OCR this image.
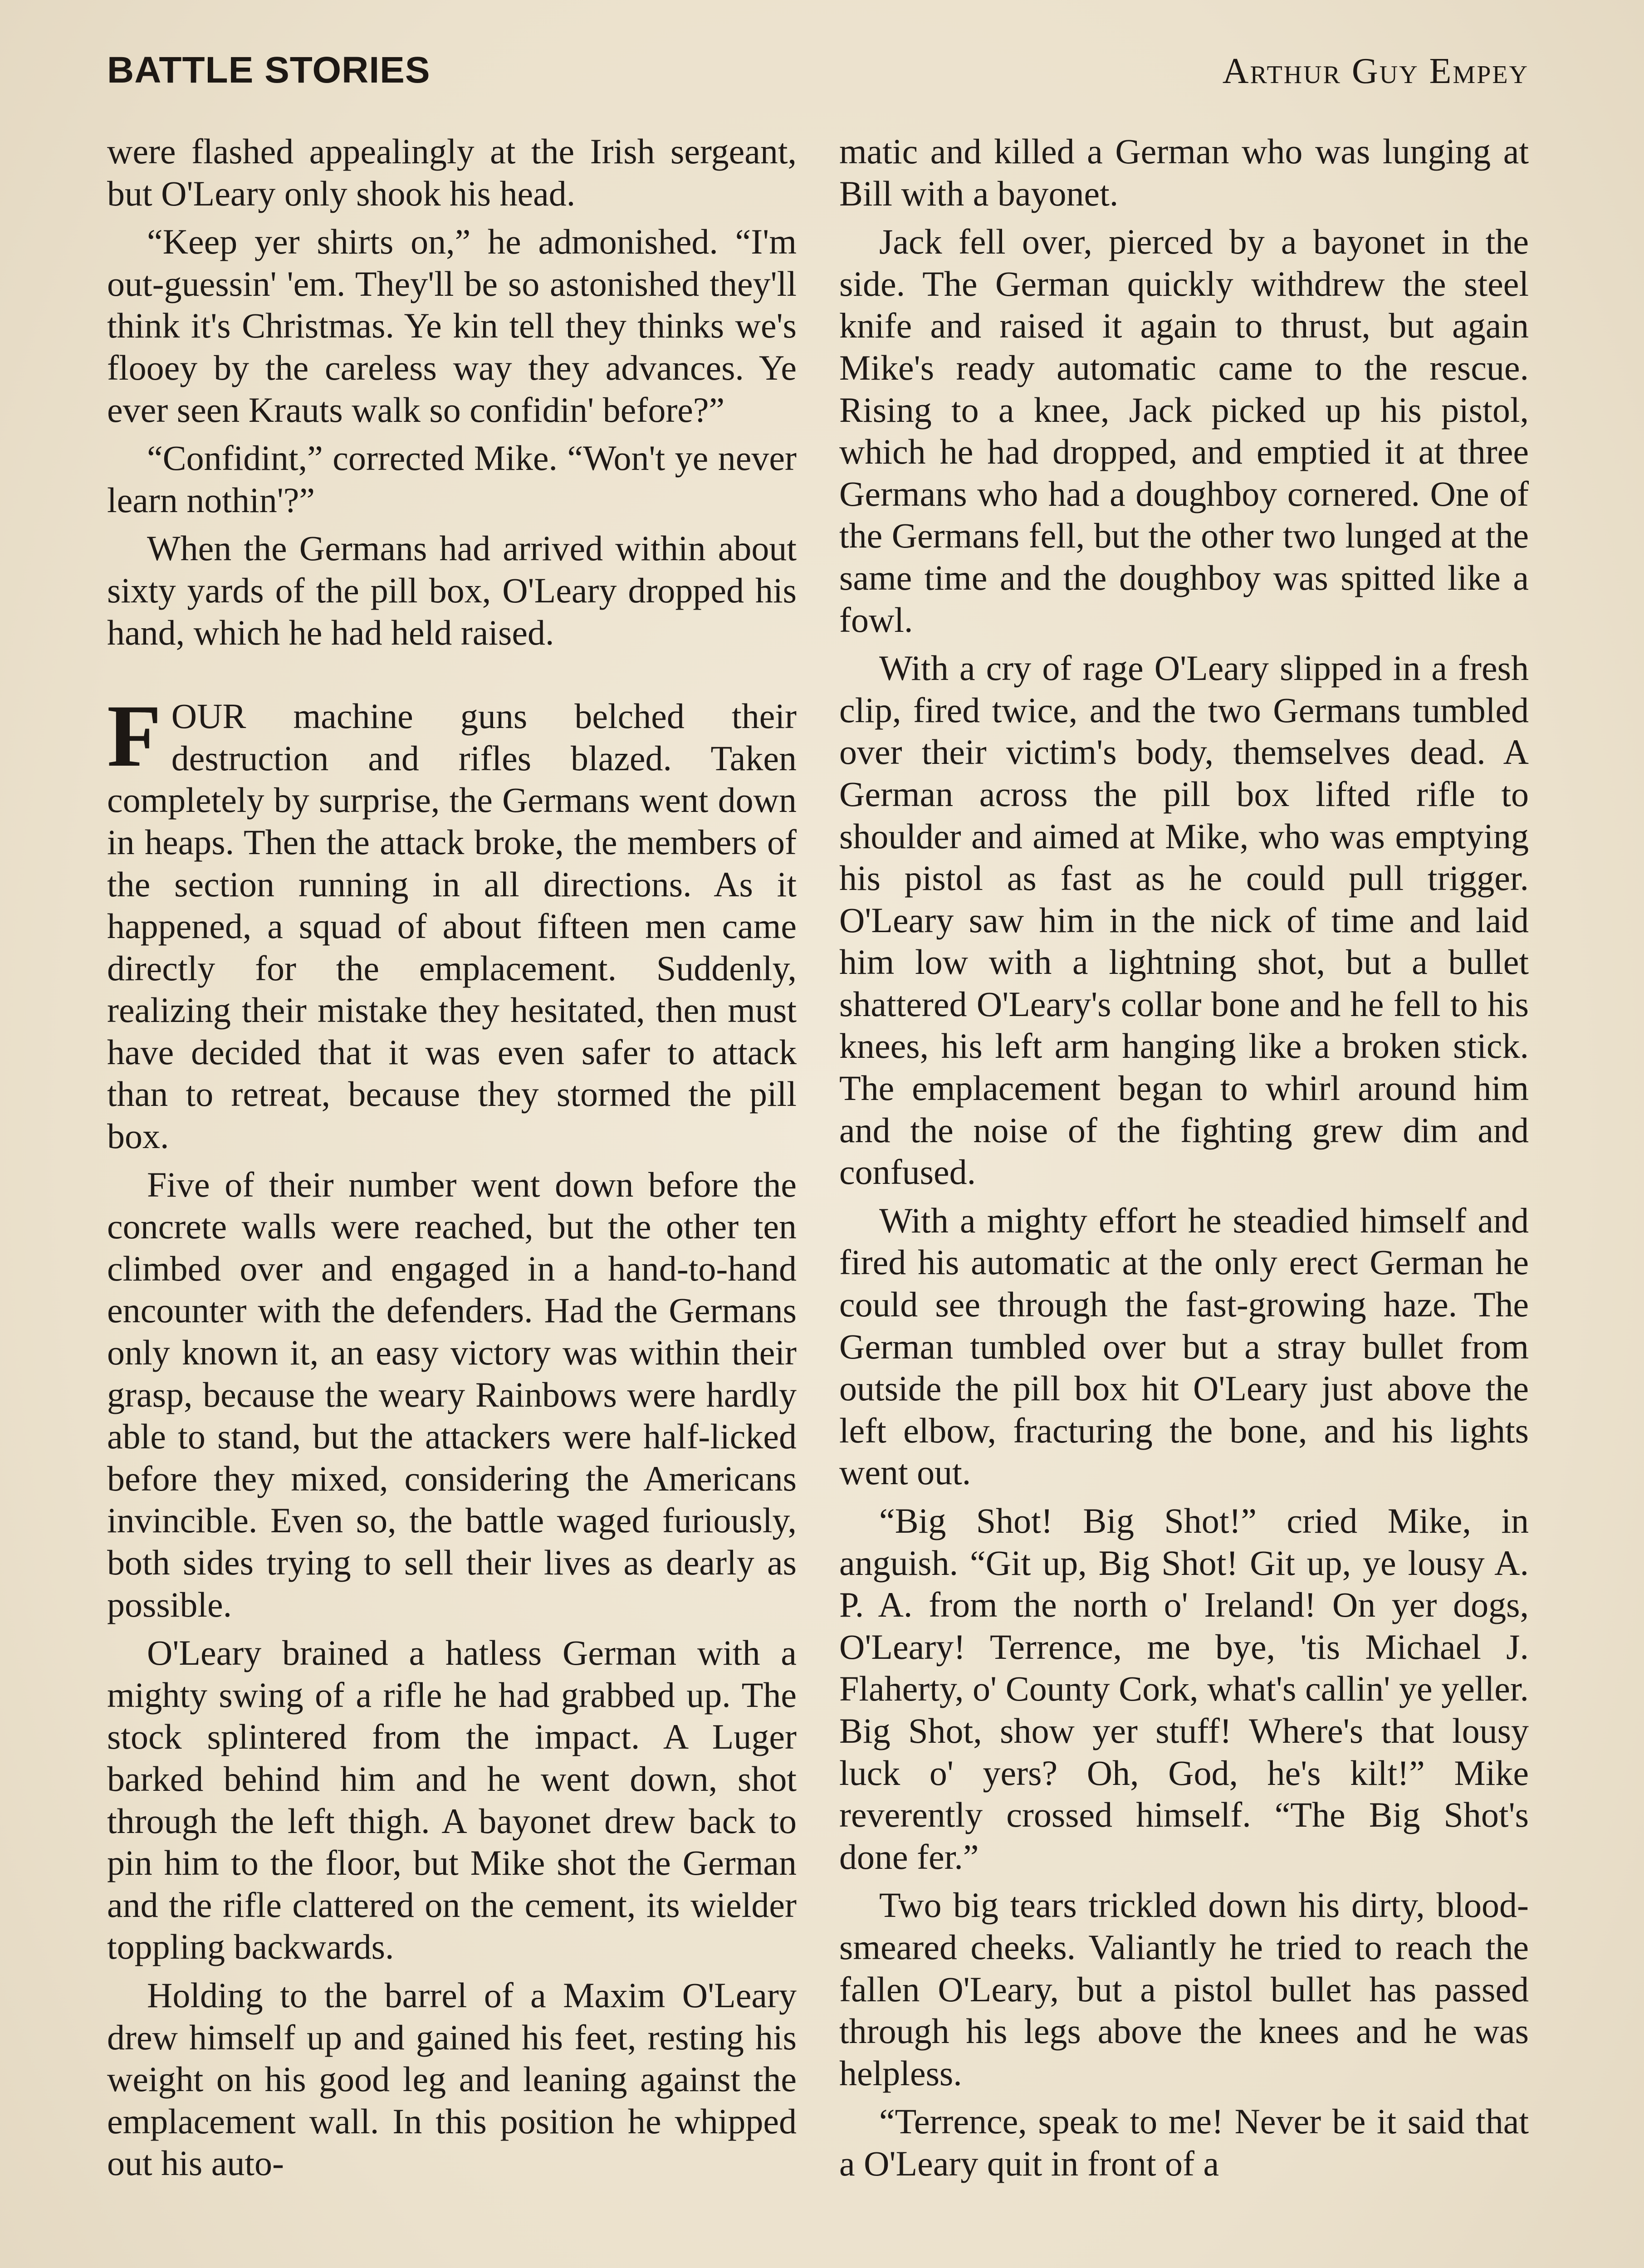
BATTLE STORIES	Arthur Guy Empey

were flashed appealingly at the Irish sergeant, but O'Leary only shook his head.

“Keep yer shirts on,” he admonished. “I'm out-guessin' 'em. They'll be so astonished they'll think it's Christmas. Ye kin tell they thinks we's flooey by the careless way they advances. Ye ever seen Krauts walk so confidin' before?”

“Confidint,” corrected Mike. “Won't ye never learn nothin'?”

When the Germans had arrived within about sixty yards of the pill box, O'Leary dropped his hand, which he had held raised.

FOUR machine guns belched their destruction and rifles blazed. Taken completely by surprise, the Germans went down in heaps. Then the attack broke, the members of the section running in all directions. As it happened, a squad of about fifteen men came directly for the emplacement. Suddenly, realizing their mistake they hesitated, then must have decided that it was even safer to attack than to retreat, because they stormed the pill box.

Five of their number went down before the concrete walls were reached, but the other ten climbed over and engaged in a hand-to-hand encounter with the defenders. Had the Germans only known it, an easy victory was within their grasp, because the weary Rainbows were hardly able to stand, but the attackers were half-licked before they mixed, considering the Americans invincible. Even so, the battle waged furiously, both sides trying to sell their lives as dearly as possible.

O'Leary brained a hatless German with a mighty swing of a rifle he had grabbed up. The stock splintered from the impact. A Luger barked behind him and he went down, shot through the left thigh. A bayonet drew back to pin him to the floor, but Mike shot the German and the rifle clattered on the cement, its wielder toppling backwards.

Holding to the barrel of a Maxim O'Leary drew himself up and gained his feet, resting his weight on his good leg and leaning against the emplacement wall. In this position he whipped out his auto-

matic and killed a German who was lunging at Bill with a bayonet.

Jack fell over, pierced by a bayonet in the side. The German quickly withdrew the steel knife and raised it again to thrust, but again Mike's ready automatic came to the rescue. Rising to a knee, Jack picked up his pistol, which he had dropped, and emptied it at three Germans who had a doughboy cornered. One of the Germans fell, but the other two lunged at the same time and the doughboy was spitted like a fowl.

With a cry of rage O'Leary slipped in a fresh clip, fired twice, and the two Germans tumbled over their victim's body, themselves dead. A German across the pill box lifted rifle to shoulder and aimed at Mike, who was emptying his pistol as fast as he could pull trigger. O'Leary saw him in the nick of time and laid him low with a lightning shot, but a bullet shattered O'Leary's collar bone and he fell to his knees, his left arm hanging like a broken stick. The emplacement began to whirl around him and the noise of the fighting grew dim and confused.

With a mighty effort he steadied himself and fired his automatic at the only erect German he could see through the fast-growing haze. The German tumbled over but a stray bullet from outside the pill box hit O'Leary just above the left elbow, fracturing the bone, and his lights went out.

“Big Shot! Big Shot!” cried Mike, in anguish. “Git up, Big Shot! Git up, ye lousy A. P. A. from the north o' Ireland! On yer dogs, O'Leary! Terrence, me bye, 'tis Michael J. Flaherty, o' County Cork, what's callin' ye yeller. Big Shot, show yer stuff! Where's that lousy luck o' yers? Oh, God, he's kilt!” Mike reverently crossed himself. “The Big Shot's done fer.”

Two big tears trickled down his dirty, blood-smeared cheeks. Valiantly he tried to reach the fallen O'Leary, but a pistol bullet has passed through his legs above the knees and he was helpless.

“Terrence, speak to me! Never be it said that a O'Leary quit in front of a
